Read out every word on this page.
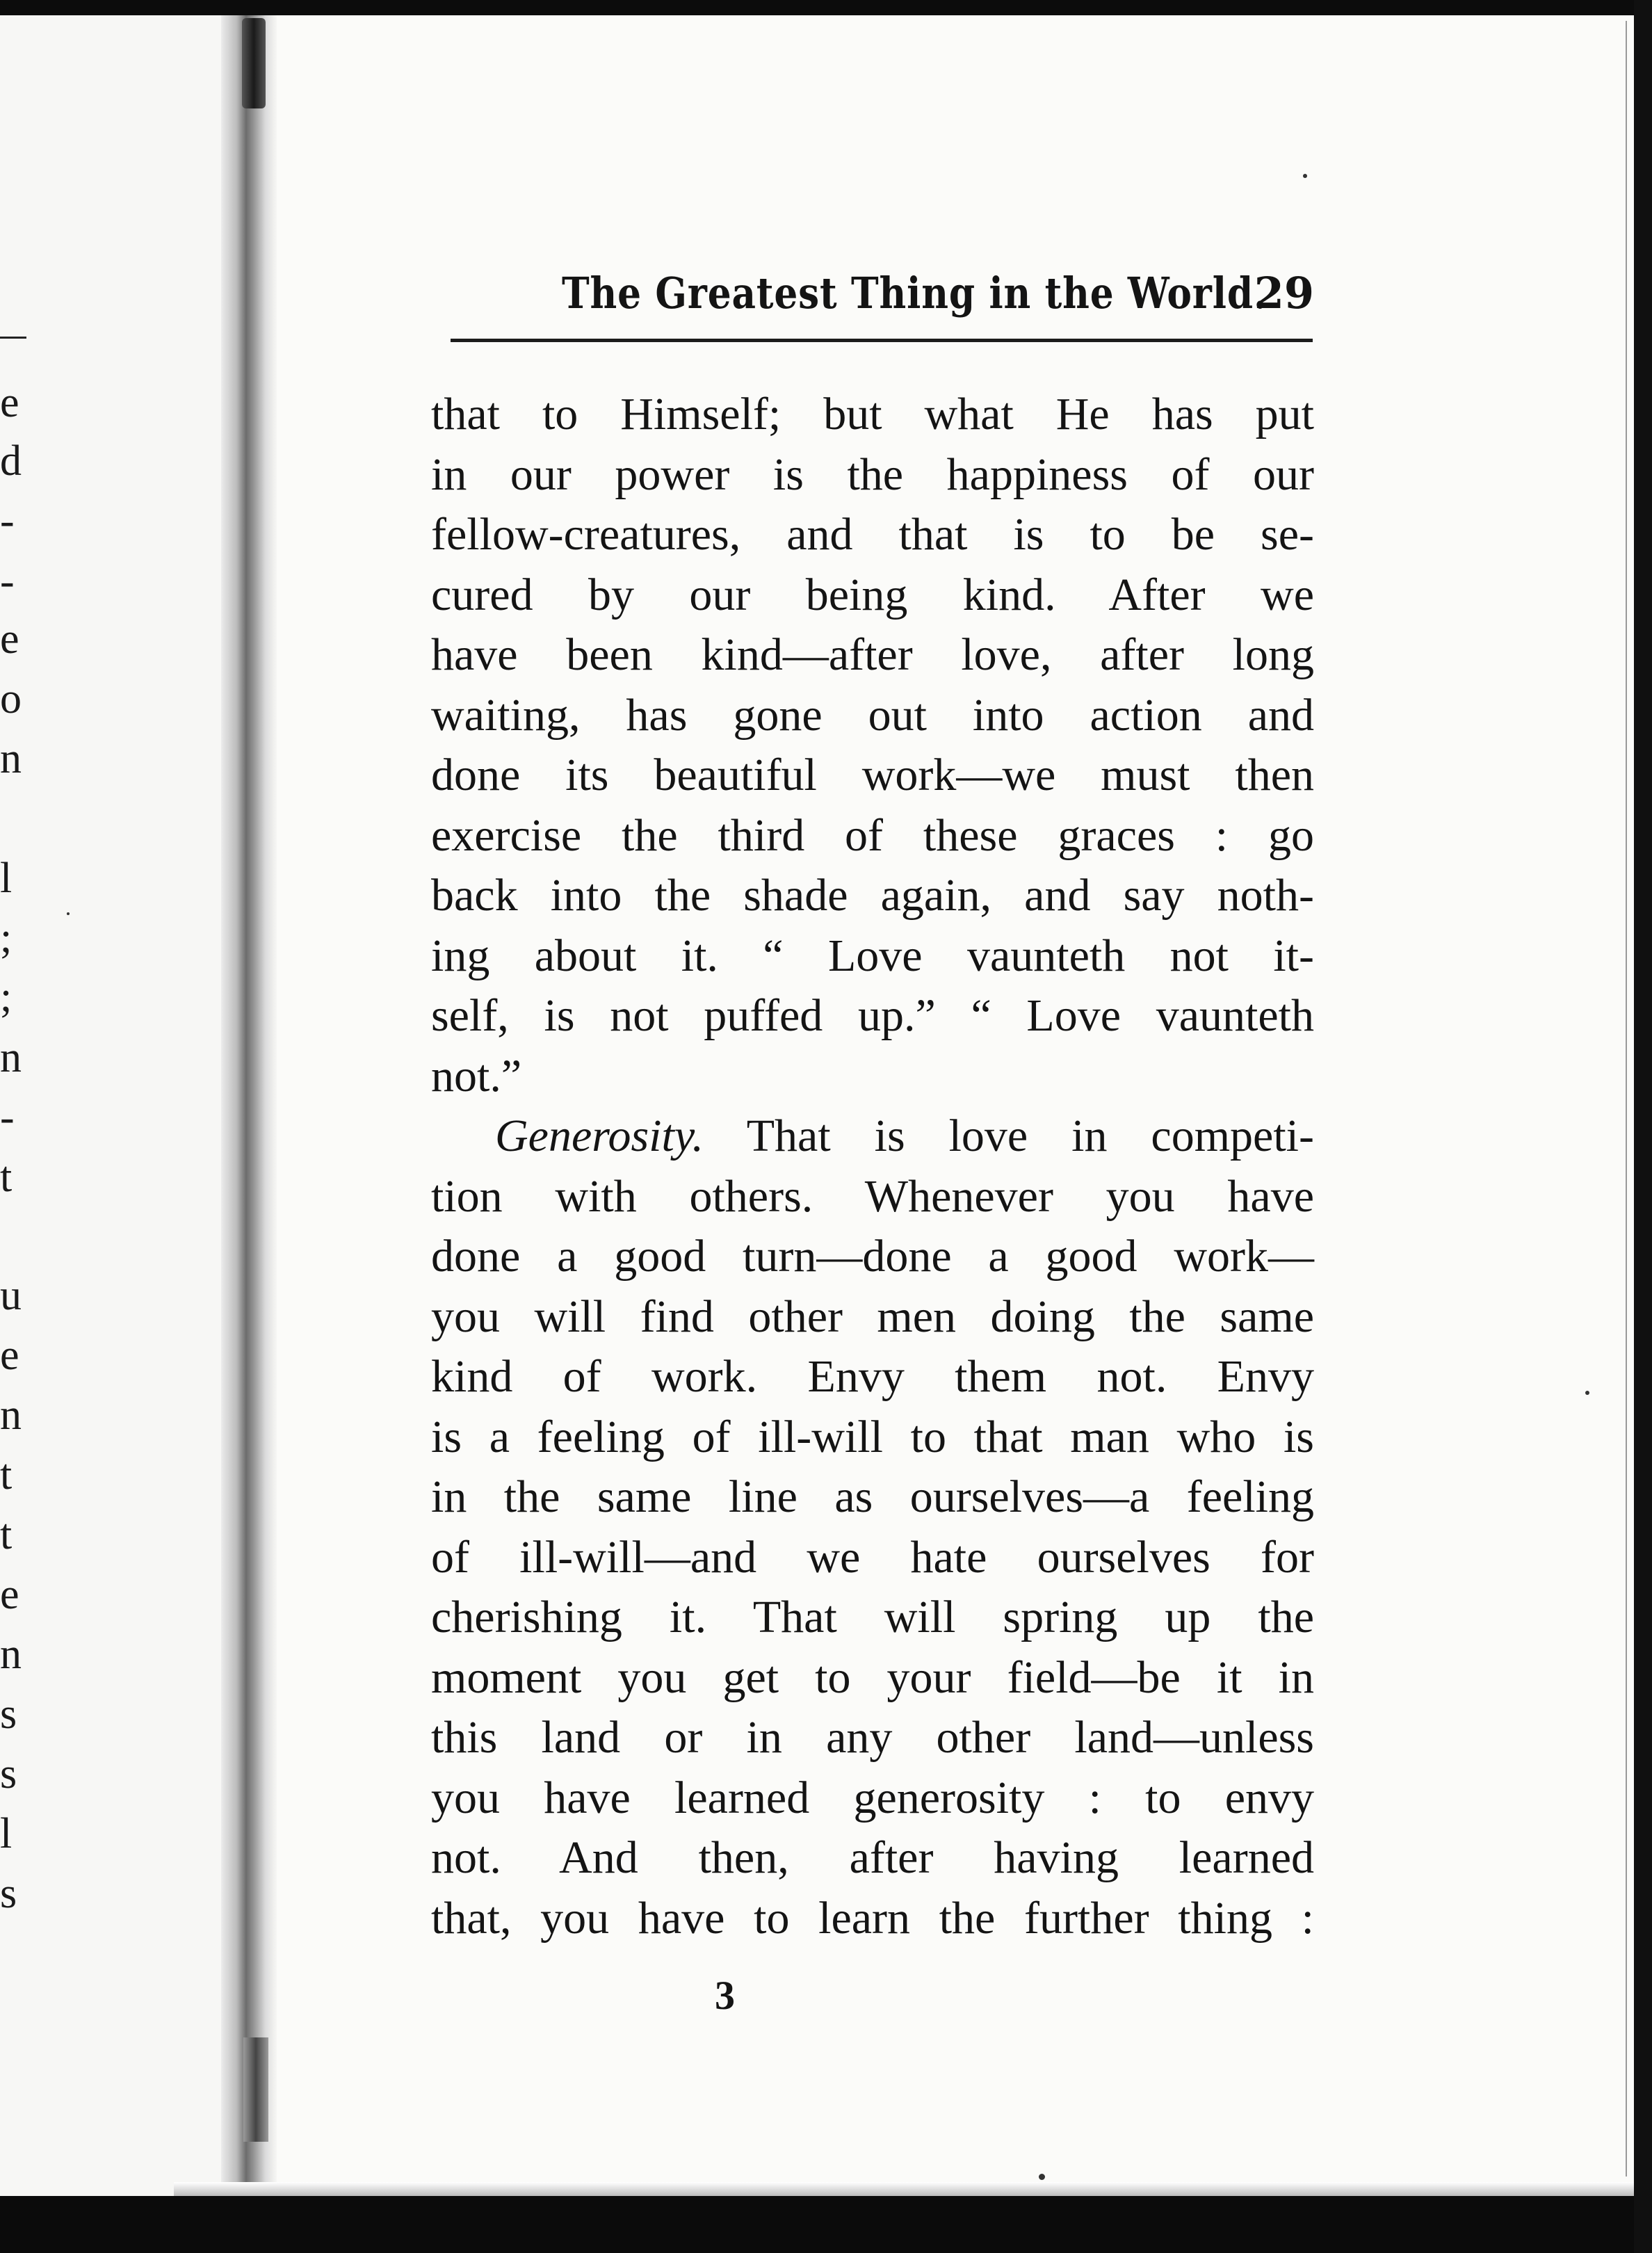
e
d
-
-
e
o
n
l
;
;
n
-
t
u
e
n
t
t
e
n
s
s
l
s
The Greatest Thing in the World.
29
that to Himself; but what He has put
in our power is the happiness of our
fellow-creatures, and that is to be se-
cured by our being kind. After we
have been kind—after love, after long
waiting, has gone out into action and
done its beautiful work—we must then
exercise the third of these graces : go
back into the shade again, and say noth-
ing about it. “ Love vaunteth not it-
self, is not puffed up.” “ Love vaunteth
not.”
Generosity. That is love in competi-
tion with others. Whenever you have
done a good turn—done a good work—
you will find other men doing the same
kind of work. Envy them not. Envy
is a feeling of ill-will to that man who is
in the same line as ourselves—a feeling
of ill-will—and we hate ourselves for
cherishing it. That will spring up the
moment you get to your field—be it in
this land or in any other land—unless
you have learned generosity : to envy
not. And then, after having learned
that, you have to learn the further thing :
3
